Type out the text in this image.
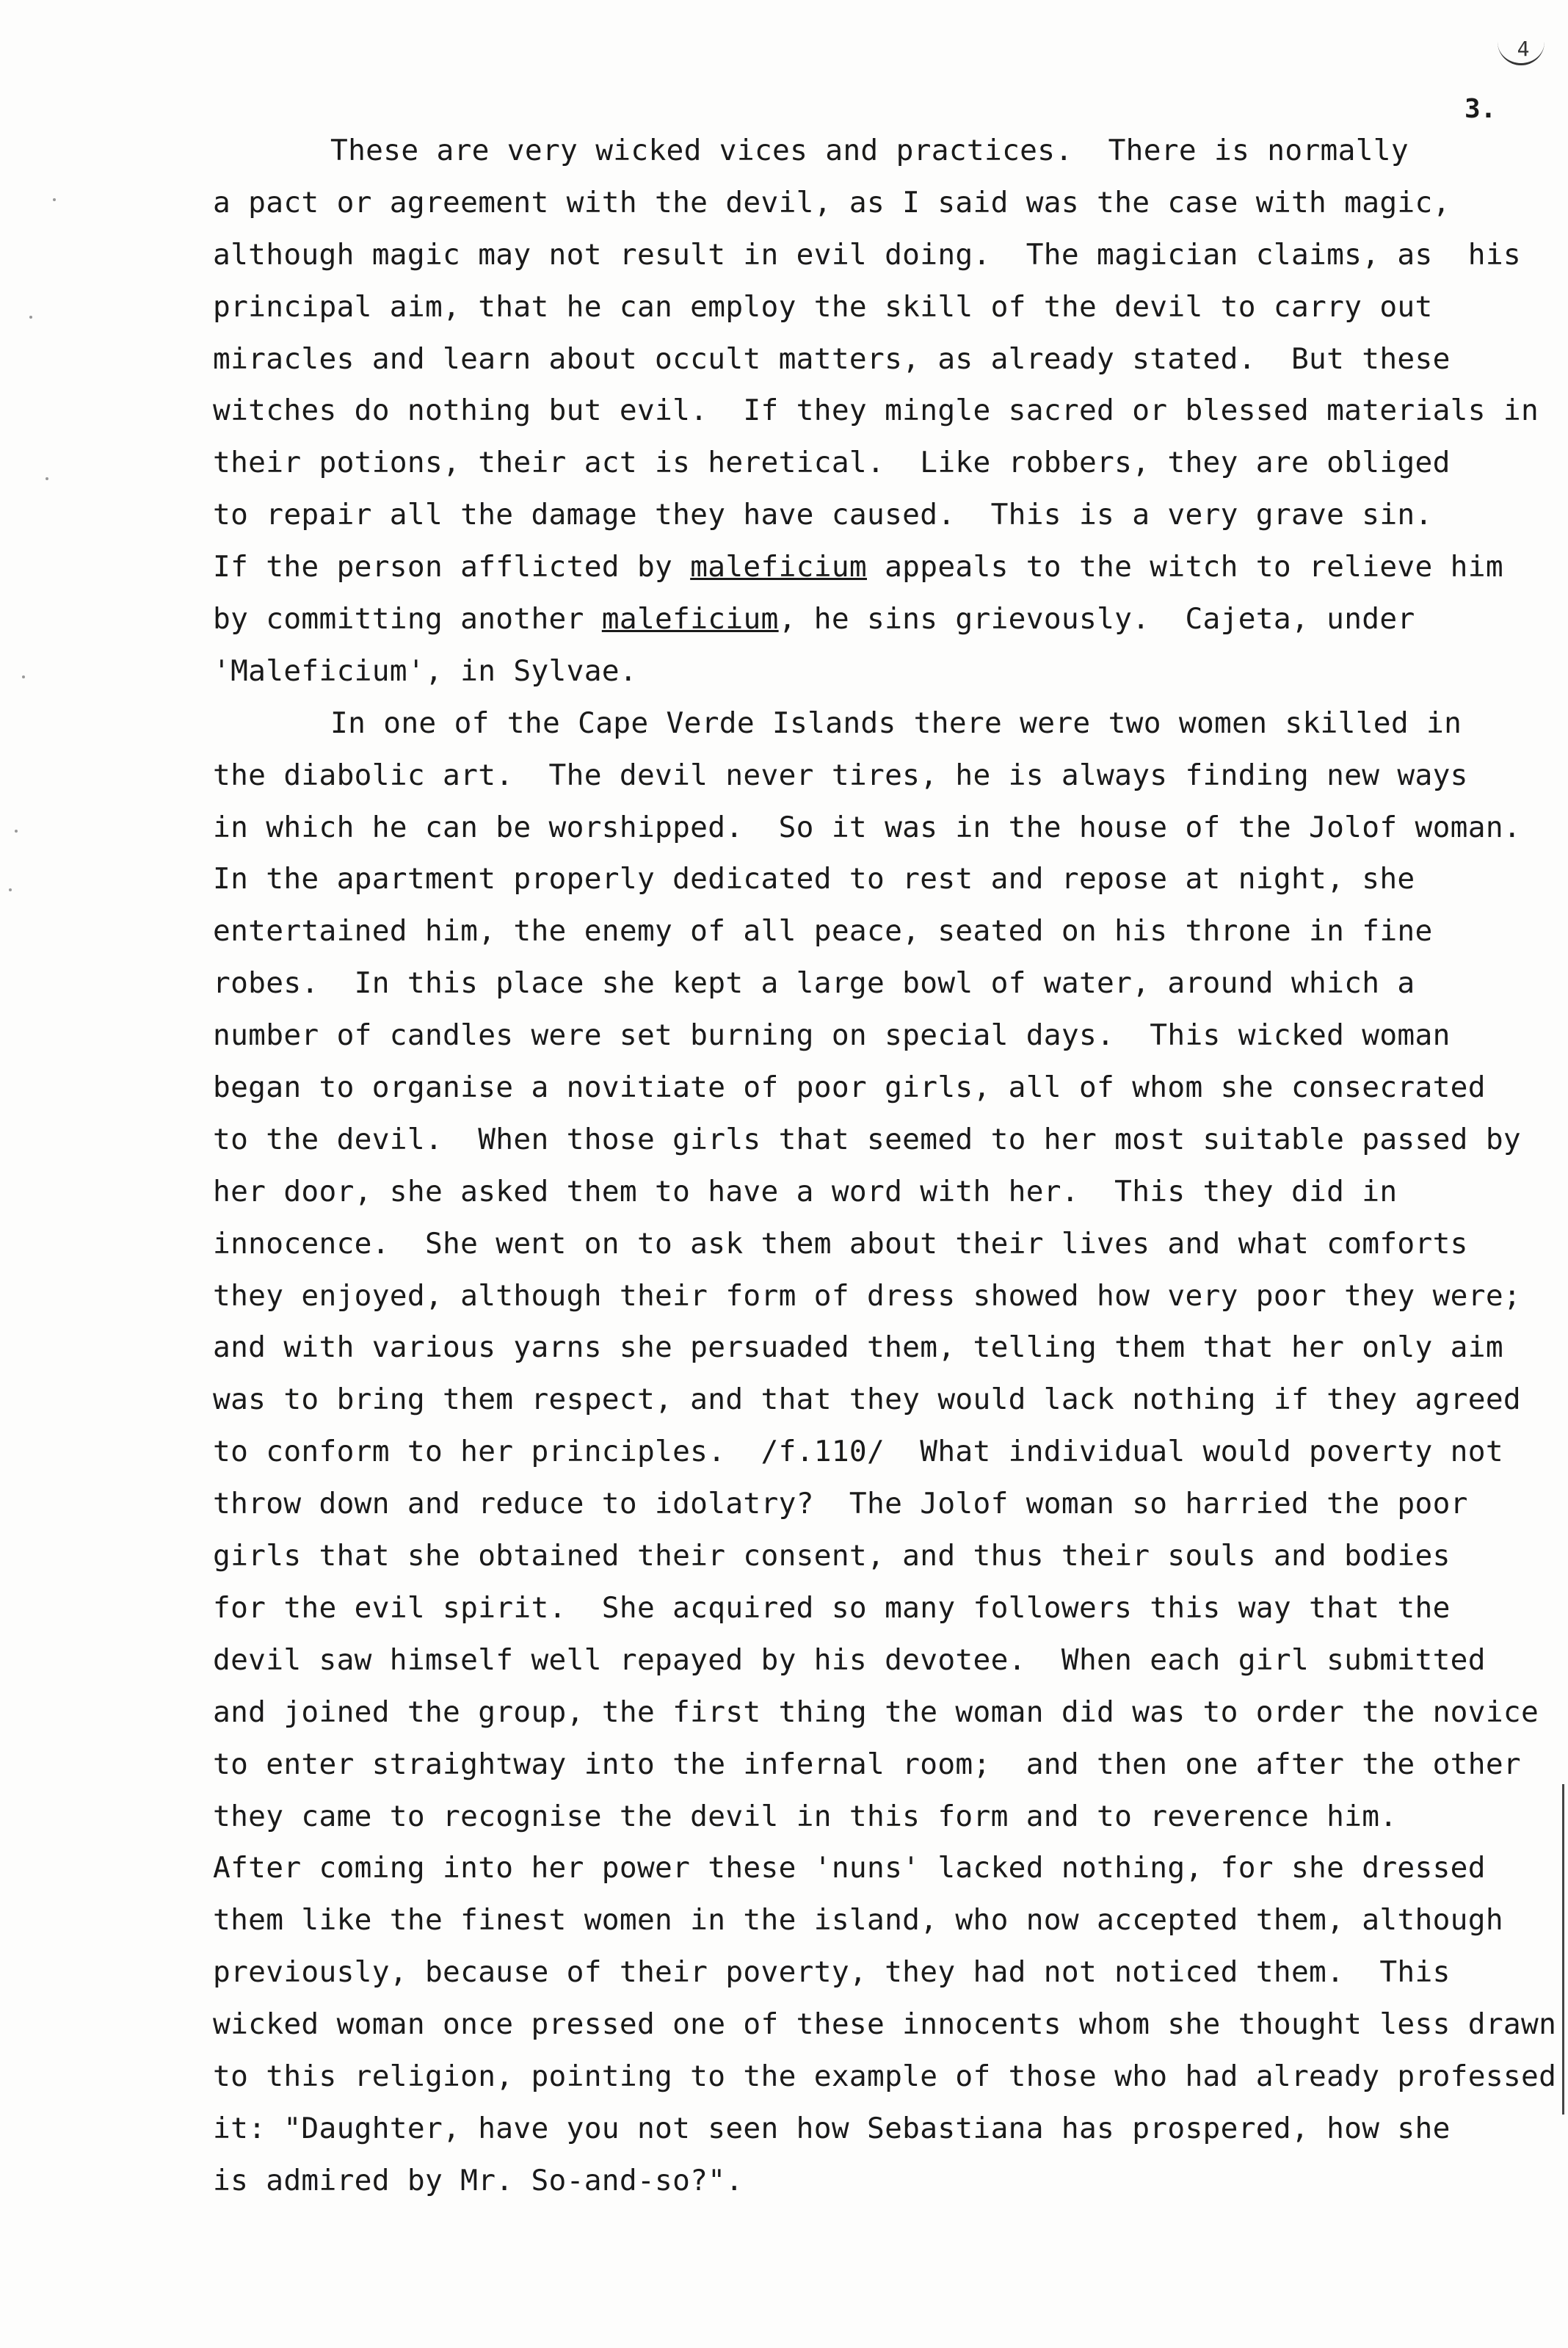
4
3.
These are very wicked vices and practices.  There is normally
a pact or agreement with the devil, as I said was the case with magic,
although magic may not result in evil doing.  The magician claims, as  his
principal aim, that he can employ the skill of the devil to carry out
miracles and learn about occult matters, as already stated.  But these
witches do nothing but evil.  If they mingle sacred or blessed materials in
their potions, their act is heretical.  Like robbers, they are obliged
to repair all the damage they have caused.  This is a very grave sin.
If the person afflicted by maleficium appeals to the witch to relieve him
by committing another maleficium, he sins grievously.  Cajeta, under
'Maleficium', in Sylvae.
In one of the Cape Verde Islands there were two women skilled in
the diabolic art.  The devil never tires, he is always finding new ways
in which he can be worshipped.  So it was in the house of the Jolof woman.
In the apartment properly dedicated to rest and repose at night, she
entertained him, the enemy of all peace, seated on his throne in fine
robes.  In this place she kept a large bowl of water, around which a
number of candles were set burning on special days.  This wicked woman
began to organise a novitiate of poor girls, all of whom she consecrated
to the devil.  When those girls that seemed to her most suitable passed by
her door, she asked them to have a word with her.  This they did in
innocence.  She went on to ask them about their lives and what comforts
they enjoyed, although their form of dress showed how very poor they were;
and with various yarns she persuaded them, telling them that her only aim
was to bring them respect, and that they would lack nothing if they agreed
to conform to her principles.  /f.110/  What individual would poverty not
throw down and reduce to idolatry?  The Jolof woman so harried the poor
girls that she obtained their consent, and thus their souls and bodies
for the evil spirit.  She acquired so many followers this way that the
devil saw himself well repayed by his devotee.  When each girl submitted
and joined the group, the first thing the woman did was to order the novice
to enter straightway into the infernal room;  and then one after the other
they came to recognise the devil in this form and to reverence him.
After coming into her power these 'nuns' lacked nothing, for she dressed
them like the finest women in the island, who now accepted them, although
previously, because of their poverty, they had not noticed them.  This
wicked woman once pressed one of these innocents whom she thought less drawn
to this religion, pointing to the example of those who had already professed
it: "Daughter, have you not seen how Sebastiana has prospered, how she
is admired by Mr. So-and-so?".
